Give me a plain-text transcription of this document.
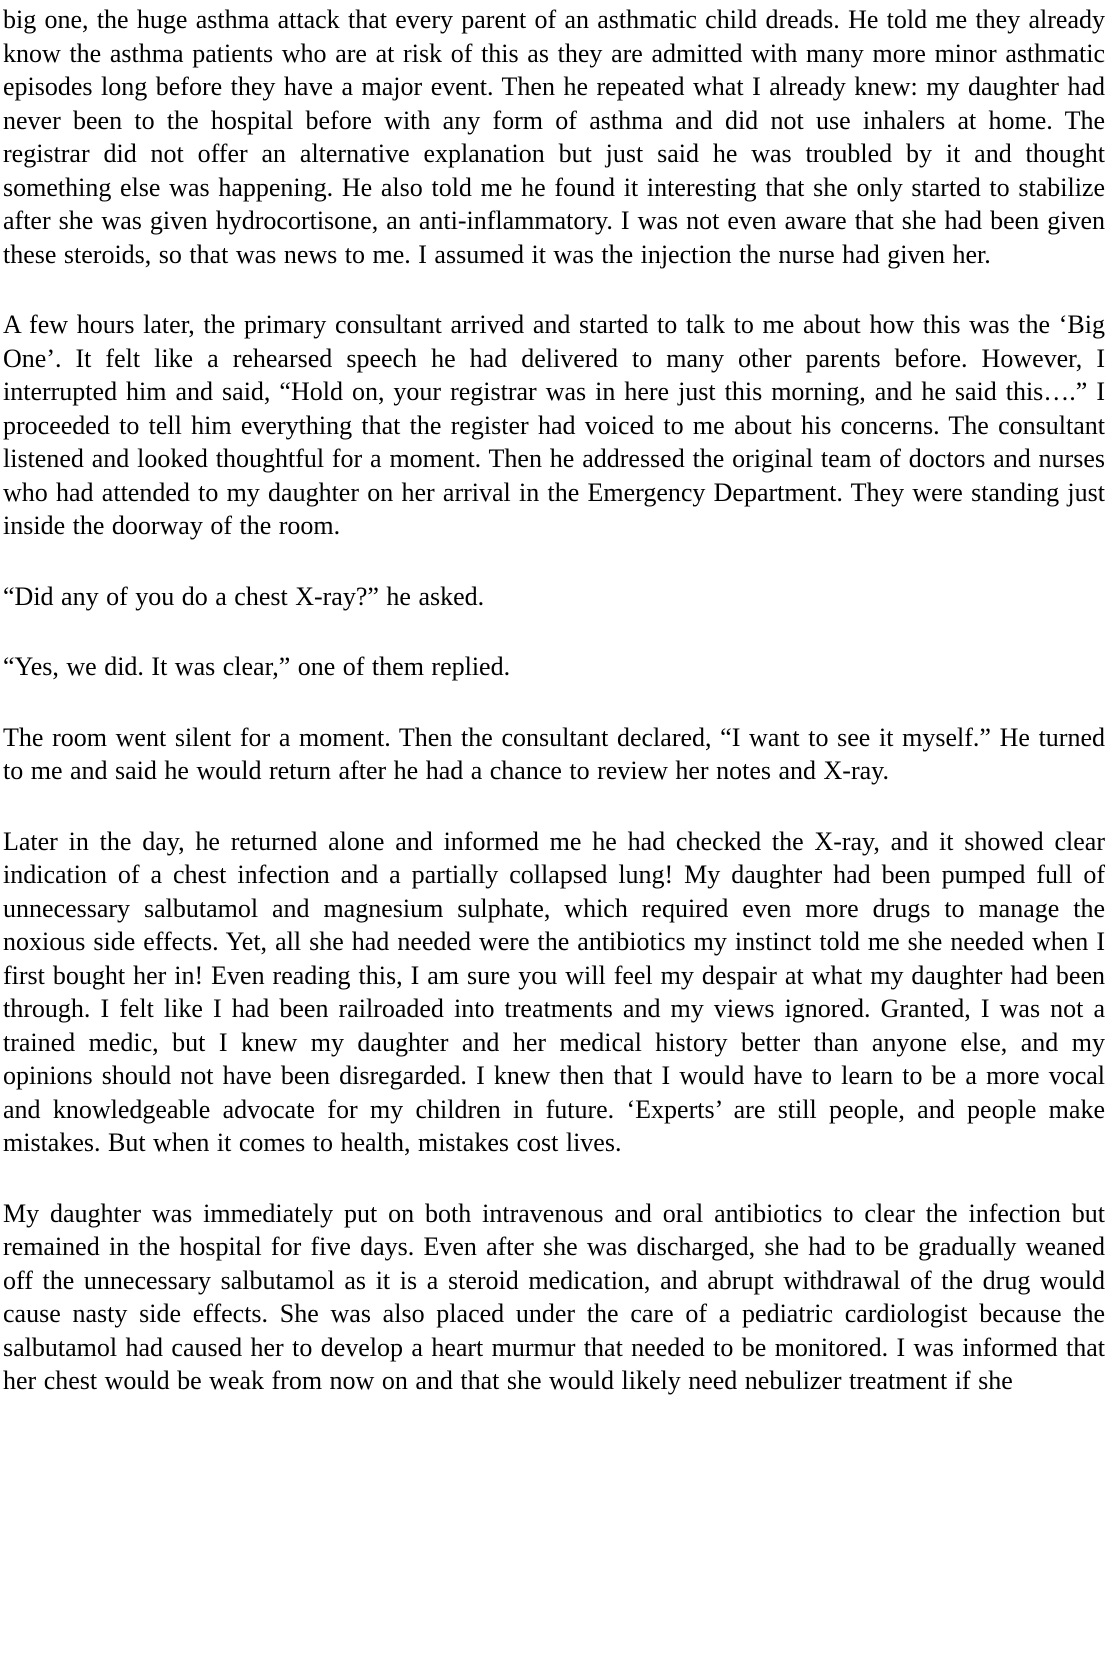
big one, the huge asthma attack that every parent of an asthmatic child dreads. He told me they already know the asthma patients who are at risk of this as they are admitted with many more minor asthmatic episodes long before they have a major event. Then he repeated what I already knew: my daughter had never been to the hospital before with any form of asthma and did not use inhalers at home. The registrar did not offer an alternative explanation but just said he was troubled by it and thought something else was happening. He also told me he found it interesting that she only started to stabilize after she was given hydrocortisone, an anti-inflammatory. I was not even aware that she had been given these steroids, so that was news to me. I assumed it was the injection the nurse had given her.

A few hours later, the primary consultant arrived and started to talk to me about how this was the ‘Big One’. It felt like a rehearsed speech he had delivered to many other parents before. However, I interrupted him and said, “Hold on, your registrar was in here just this morning, and he said this….” I proceeded to tell him everything that the register had voiced to me about his concerns. The consultant listened and looked thoughtful for a moment. Then he addressed the original team of doctors and nurses who had attended to my daughter on her arrival in the Emergency Department. They were standing just inside the doorway of the room.

“Did any of you do a chest X-ray?” he asked.

“Yes, we did. It was clear,” one of them replied.

The room went silent for a moment. Then the consultant declared, “I want to see it myself.” He turned to me and said he would return after he had a chance to review her notes and X-ray.

Later in the day, he returned alone and informed me he had checked the X-ray, and it showed clear indication of a chest infection and a partially collapsed lung! My daughter had been pumped full of unnecessary salbutamol and magnesium sulphate, which required even more drugs to manage the noxious side effects. Yet, all she had needed were the antibiotics my instinct told me she needed when I first bought her in! Even reading this, I am sure you will feel my despair at what my daughter had been through. I felt like I had been railroaded into treatments and my views ignored. Granted, I was not a trained medic, but I knew my daughter and her medical history better than anyone else, and my opinions should not have been disregarded. I knew then that I would have to learn to be a more vocal and knowledgeable advocate for my children in future. ‘Experts’ are still people, and people make mistakes. But when it comes to health, mistakes cost lives.

My daughter was immediately put on both intravenous and oral antibiotics to clear the infection but remained in the hospital for five days. Even after she was discharged, she had to be gradually weaned off the unnecessary salbutamol as it is a steroid medication, and abrupt withdrawal of the drug would cause nasty side effects. She was also placed under the care of a pediatric cardiologist because the salbutamol had caused her to develop a heart murmur that needed to be monitored. I was informed that her chest would be weak from now on and that she would likely need nebulizer treatment if she
